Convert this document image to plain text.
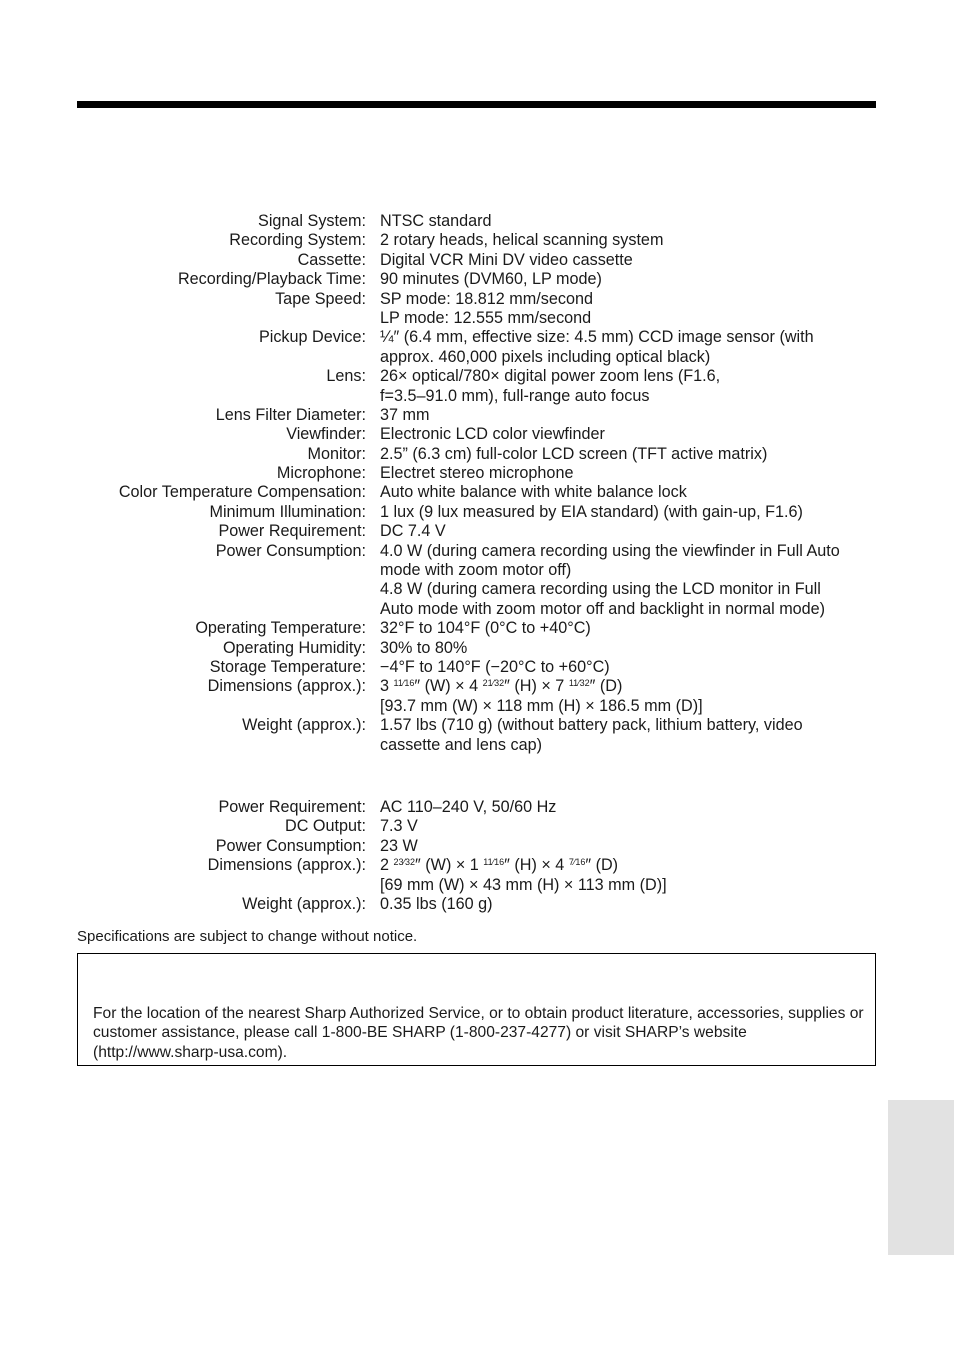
Signal System: NTSC standard
Recording System: 2 rotary heads, helical scanning system
Cassette: Digital VCR Mini DV video cassette
Recording/Playback Time: 90 minutes (DVM60, LP mode)
Tape Speed: SP mode: 18.812 mm/second
LP mode: 12.555 mm/second
Pickup Device: ¼″ (6.4 mm, effective size: 4.5 mm) CCD image sensor (with
approx. 460,000 pixels including optical black)
Lens: 26× optical/780× digital power zoom lens (F1.6,
f=3.5–91.0 mm), full-range auto focus
Lens Filter Diameter: 37 mm
Viewfinder: Electronic LCD color viewfinder
Monitor: 2.5” (6.3 cm) full-color LCD screen (TFT active matrix)
Microphone: Electret stereo microphone
Color Temperature Compensation: Auto white balance with white balance lock
Minimum Illumination: 1 lux (9 lux measured by EIA standard) (with gain-up, F1.6)
Power Requirement: DC 7.4 V
Power Consumption: 4.0 W (during camera recording using the viewfinder in Full Auto
mode with zoom motor off)
4.8 W (during camera recording using the LCD monitor in Full
Auto mode with zoom motor off and backlight in normal mode)
Operating Temperature: 32°F to 104°F (0°C to +40°C)
Operating Humidity: 30% to 80%
Storage Temperature: −4°F to 140°F (−20°C to +60°C)
Dimensions (approx.): 3 $^{11⁄16}$″ (W) × 4 $^{21⁄32}$″ (H) × 7 $^{11⁄32}$″ (D)
[93.7 mm (W) × 118 mm (H) × 186.5 mm (D)]
Weight (approx.): 1.57 lbs (710 g) (without battery pack, lithium battery, video
cassette and lens cap)
Power Requirement: AC 110–240 V, 50/60 Hz
DC Output: 7.3 V
Power Consumption: 23 W
Dimensions (approx.): 2 $^{23⁄32}$″ (W) × 1 $^{11⁄16}$″ (H) × 4 $^{7⁄16}$″ (D)
[69 mm (W) × 43 mm (H) × 113 mm (D)]
Weight (approx.): 0.35 lbs (160 g)
Specifications are subject to change without notice.
For the location of the nearest Sharp Authorized Service, or to obtain product literature, accessories, supplies or customer assistance, please call 1-800-BE SHARP (1-800-237-4277) or visit SHARP’s website (http://www.sharp-usa.com).
